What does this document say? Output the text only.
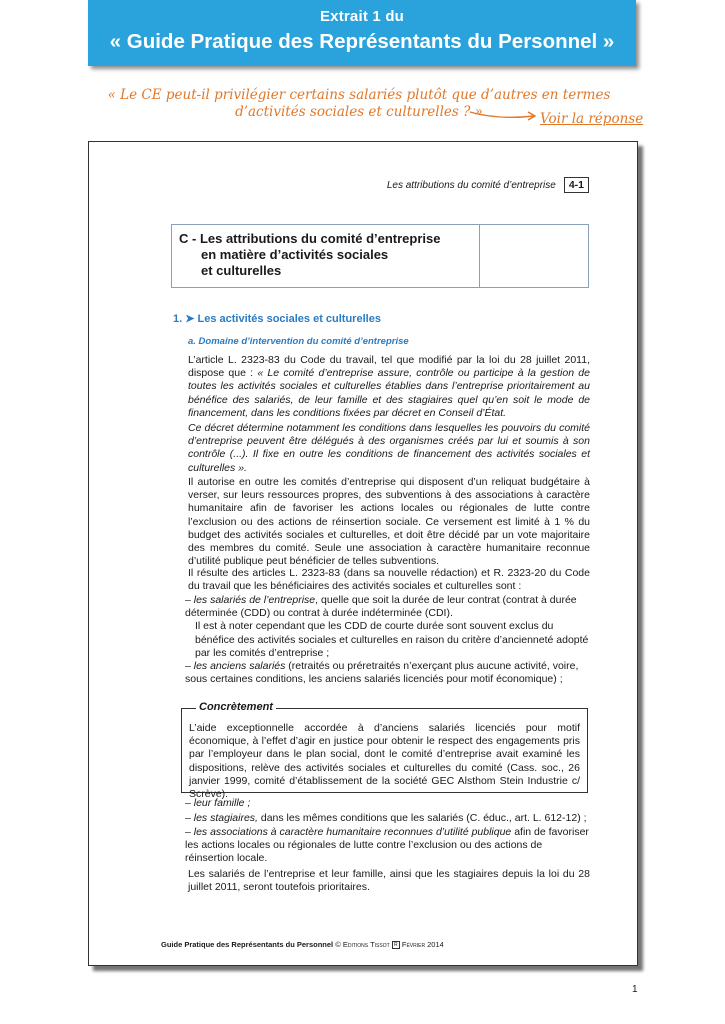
Extrait 1 du
« Guide Pratique des Représentants du Personnel »
« Le CE peut-il privilégier certains salariés plutôt que d’autres en termes
d’activités sociales et culturelles ? »	Voir la réponse
Les attributions du comité d’entreprise 4-1
C - Les attributions du comité d’entreprise
en matière d’activités sociales
et culturelles
1. ➤ Les activités sociales et culturelles
a. Domaine d’intervention du comité d’entreprise

L’article L. 2323-83 du Code du travail, tel que modifié par la loi du 28 juillet 2011, dispose que : « Le comité d’entreprise assure, contrôle ou participe à la gestion de toutes les activités sociales et culturelles établies dans l’entreprise prioritairement au bénéfice des salariés, de leur famille et des stagiaires quel qu’en soit le mode de financement, dans les conditions fixées par décret en Conseil d’État.

Ce décret détermine notamment les conditions dans lesquelles les pouvoirs du comité d’entreprise peuvent être délégués à des organismes créés par lui et soumis à son contrôle (...). Il fixe en outre les conditions de financement des activités sociales et culturelles ».
Il autorise en outre les comités d’entreprise qui disposent d’un reliquat budgétaire à verser, sur leurs ressources propres, des subventions à des associations à caractère humanitaire afin de favoriser les actions locales ou régionales de lutte contre l’exclusion ou des actions de réinsertion sociale. Ce versement est limité à 1 % du budget des activités sociales et culturelles, et doit être décidé par un vote majoritaire des membres du comité. Seule une association à caractère humanitaire reconnue d’utilité publique peut bénéficier de telles subventions.
Il résulte des articles L. 2323-83 (dans sa nouvelle rédaction) et R. 2323-20 du Code du travail que les bénéficiaires des activités sociales et culturelles sont :
– les salariés de l’entreprise, quelle que soit la durée de leur contrat (contrat à durée déterminée (CDD) ou contrat à durée indéterminée (CDI).
Il est à noter cependant que les CDD de courte durée sont souvent exclus du bénéfice des activités sociales et culturelles en raison du critère d’ancienneté adopté par les comités d’entreprise ;
– les anciens salariés (retraités ou préretraités n’exerçant plus aucune activité, voire, sous certaines conditions, les anciens salariés licenciés pour motif économique) ;
Concrètement
L’aide exceptionnelle accordée à d’anciens salariés licenciés pour motif économique, à l’effet d’agir en justice pour obtenir le respect des engagements pris par l’employeur dans le plan social, dont le comité d’entreprise avait examiné les dispositions, relève des activités sociales et culturelles du comité (Cass. soc., 26 janvier 1999, comité d’établissement de la société GEC Alsthom Stein Industrie c/ Scrève).
– leur famille ;
– les stagiaires, dans les mêmes conditions que les salariés (C. éduc., art. L. 612-12) ;
– les associations à caractère humanitaire reconnues d’utilité publique afin de favoriser les actions locales ou régionales de lutte contre l’exclusion ou des actions de réinsertion locale.
Les salariés de l’entreprise et leur famille, ainsi que les stagiaires depuis la loi du 28 juillet 2011, seront toutefois prioritaires.
Guide Pratique des Représentants du Personnel © Editions Tissot R Février 2014
1
